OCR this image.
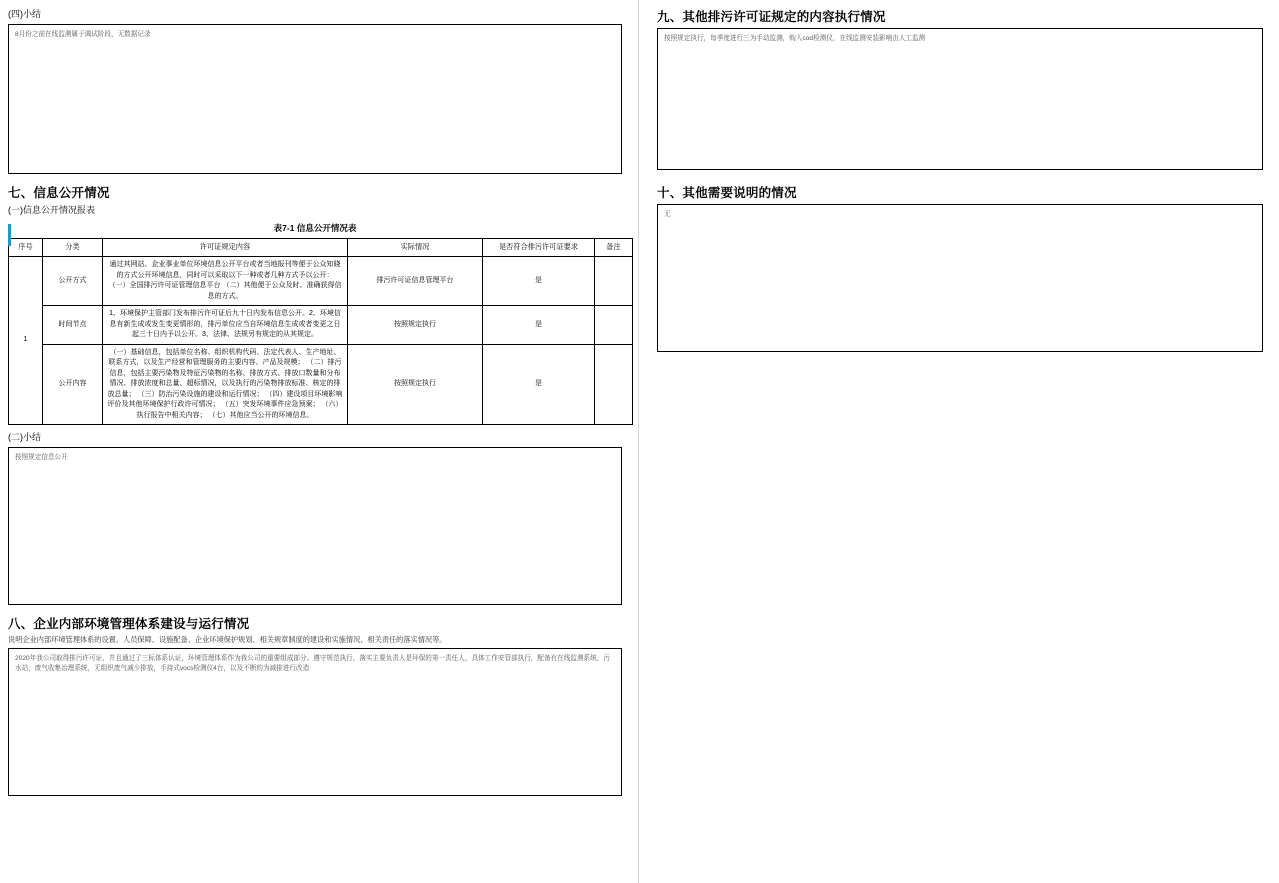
(四)小结
8月份之前在线监测属于调试阶段，无数据记录
七、信息公开情况
(一)信息公开情况报表
表7-1 信息公开情况表
序号	分类	许可证规定内容	实际情况	是否符合排污许可证要求	备注
1	公开方式	通过其网站、企业事业单位环境信息公开平台或者当地报刊等便于公众知晓的方式公开环境信息，同时可以采取以下一种或者几种方式予以公开： （一）全国排污许可证管理信息平台 （二）其他便于公众及时、准确获得信息的方式。	排污许可证信息管理平台	是	
	时间节点	1、环境保护主管部门发布排污许可证后九十日内发布信息公开。2、环境信息有新生成或发生变更情形的，排污单位应当自环境信息生成或者变更之日起三十日内予以公开。3、法律、法规另有规定的从其规定。	按照规定执行	是	
	公开内容	（一）基础信息，包括单位名称、组织机构代码、法定代表人、生产地址、联系方式，以及生产经营和管理服务的主要内容、产品及规模； （二）排污信息，包括主要污染物及特征污染物的名称、排放方式、排放口数量和分布情况、排放浓度和总量、超标情况，以及执行的污染物排放标准、核定的排放总量； （三）防治污染设施的建设和运行情况； （四）建设项目环境影响评价及其他环境保护行政许可情况； （五）突发环境事件应急预案； （六）执行报告中相关内容； （七）其他应当公开的环境信息。	按照规定执行	是	
(二)小结
按照规定信息公开
八、企业内部环境管理体系建设与运行情况
说明企业内部环境管理体系的设置、人员保障、设施配备、企业环境保护规划、相关规章制度的建设和实施情况、相关责任的落实情况等。
2020年我公司取得排污许可证，并且通过了三标体系认证，环境管理体系作为我公司的重要组成部分。遵守规范执行，落实主要负责人是环保的第一责任人，具体工作安管部执行，配备有在线监测系统，污水站，废气收集治理系统，无组织废气减少排放，手持式vocs检测仪4台，以及不断的为减排进行改造
九、其他排污许可证规定的内容执行情况
按照规定执行，每季度进行三为手动监测，购入cod检测仪，在线监测安装影响由人工监测
十、其他需要说明的情况
无
